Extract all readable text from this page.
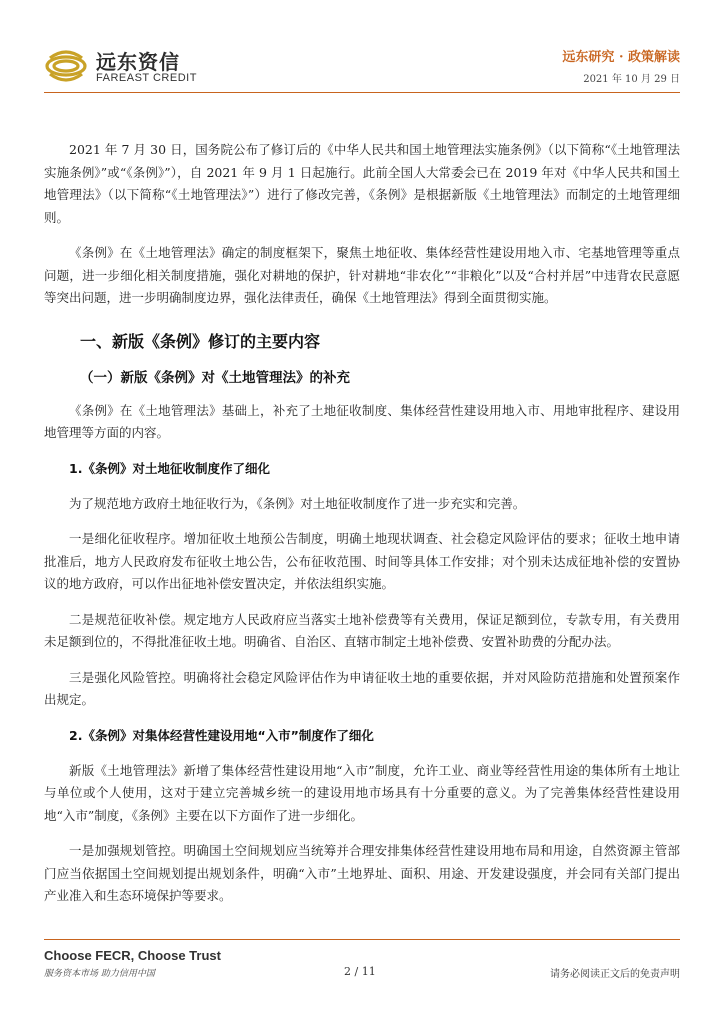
远东资信
FAREAST CREDIT
远东研究 · 政策解读
2021 年 10 月 29 日

2021 年 7 月 30 日，国务院公布了修订后的《中华人民共和国土地管理法实施条例》（以下简称“《土地管理法实施条例》”或“《条例》”），自 2021 年 9 月 1 日起施行。此前全国人大常委会已在 2019 年对《中华人民共和国土地管理法》（以下简称“《土地管理法》”）进行了修改完善，《条例》是根据新版《土地管理法》而制定的土地管理细则。

《条例》在《土地管理法》确定的制度框架下，聚焦土地征收、集体经营性建设用地入市、宅基地管理等重点问题，进一步细化相关制度措施，强化对耕地的保护，针对耕地“非农化”“非粮化”以及“合村并居”中违背农民意愿等突出问题，进一步明确制度边界，强化法律责任，确保《土地管理法》得到全面贯彻实施。

一、新版《条例》修订的主要内容
（一）新版《条例》对《土地管理法》的补充

《条例》在《土地管理法》基础上，补充了土地征收制度、集体经营性建设用地入市、用地审批程序、建设用地管理等方面的内容。

1.《条例》对土地征收制度作了细化

为了规范地方政府土地征收行为，《条例》对土地征收制度作了进一步充实和完善。

一是细化征收程序。增加征收土地预公告制度，明确土地现状调查、社会稳定风险评估的要求；征收土地申请批准后，地方人民政府发布征收土地公告，公布征收范围、时间等具体工作安排；对个别未达成征地补偿的安置协议的地方政府，可以作出征地补偿安置决定，并依法组织实施。

二是规范征收补偿。规定地方人民政府应当落实土地补偿费等有关费用，保证足额到位，专款专用，有关费用未足额到位的，不得批准征收土地。明确省、自治区、直辖市制定土地补偿费、安置补助费的分配办法。

三是强化风险管控。明确将社会稳定风险评估作为申请征收土地的重要依据，并对风险防范措施和处置预案作出规定。

2.《条例》对集体经营性建设用地“入市”制度作了细化

新版《土地管理法》新增了集体经营性建设用地“入市”制度，允许工业、商业等经营性用途的集体所有土地让与单位或个人使用，这对于建立完善城乡统一的建设用地市场具有十分重要的意义。为了完善集体经营性建设用地“入市”制度，《条例》主要在以下方面作了进一步细化。

一是加强规划管控。明确国土空间规划应当统筹并合理安排集体经营性建设用地布局和用途，自然资源主管部门应当依据国土空间规划提出规划条件，明确“入市”土地界址、面积、用途、开发建设强度，并会同有关部门提出产业准入和生态环境保护等要求。

Choose FECR, Choose Trust
服务资本市场 助力信用中国	2 / 11	请务必阅读正文后的免责声明
